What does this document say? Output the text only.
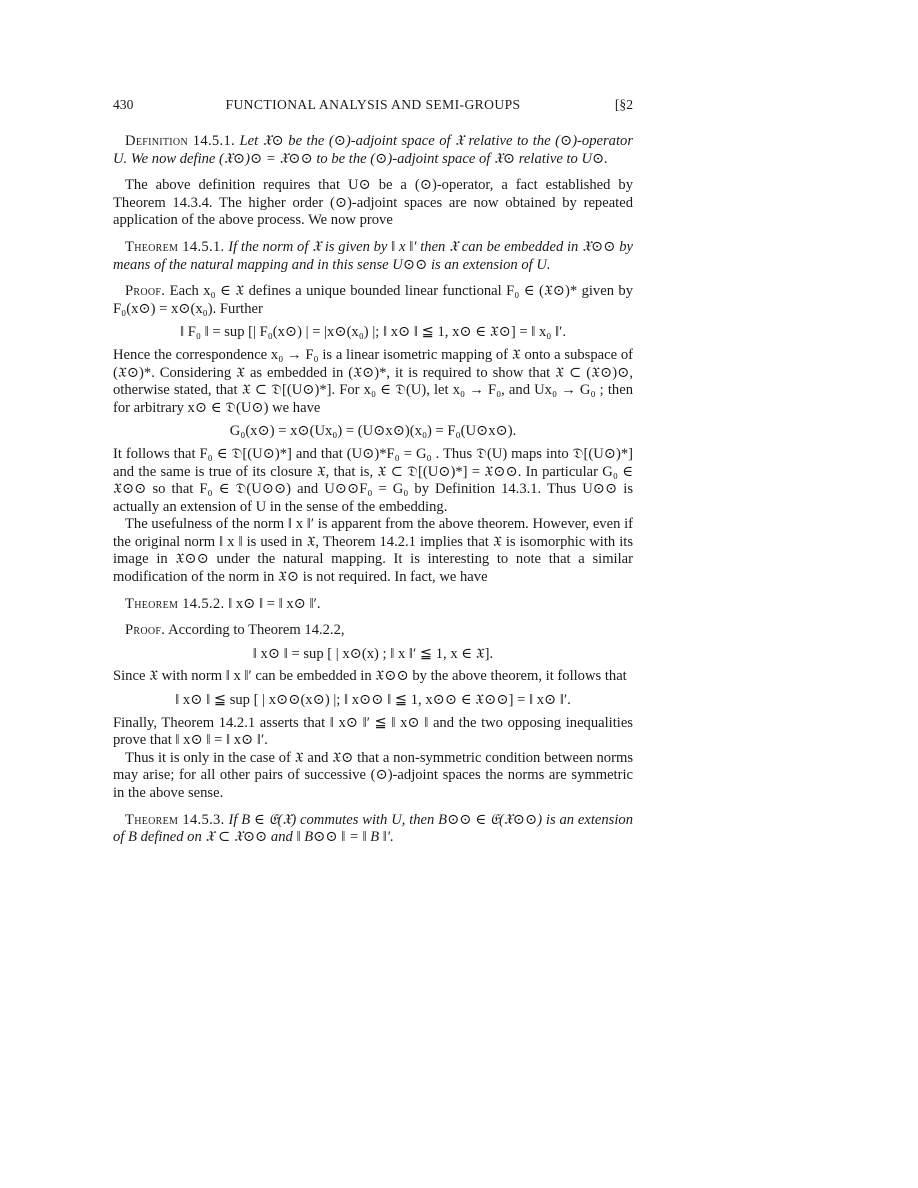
430	FUNCTIONAL ANALYSIS AND SEMI-GROUPS	[§2

Definition 14.5.1. Let 𝔛⊙ be the (⊙)-adjoint space of 𝔛 relative to the (⊙)-operator U. We now define (𝔛⊙)⊙ = 𝔛⊙⊙ to be the (⊙)-adjoint space of 𝔛⊙ relative to U⊙.

The above definition requires that U⊙ be a (⊙)-operator, a fact established by Theorem 14.3.4. The higher order (⊙)-adjoint spaces are now obtained by repeated application of the above process. We now prove

Theorem 14.5.1. If the norm of 𝔛 is given by ‖ x ‖′ then 𝔛 can be embedded in 𝔛⊙⊙ by means of the natural mapping and in this sense U⊙⊙ is an extension of U.

Proof. Each x₀ ∈ 𝔛 defines a unique bounded linear functional F₀ ∈ (𝔛⊙)* given by F₀(x⊙) = x⊙(x₀). Further

‖ F₀ ‖ = sup [| F₀(x⊙) | = |x⊙(x₀) |; ‖ x⊙ ‖ ≦ 1, x⊙ ∈ 𝔛⊙] = ‖ x₀ ‖′.

Hence the correspondence x₀ → F₀ is a linear isometric mapping of 𝔛 onto a subspace of (𝔛⊙)*. Considering 𝔛 as embedded in (𝔛⊙)*, it is required to show that 𝔛 ⊂ (𝔛⊙)⊙, otherwise stated, that 𝔛 ⊂ 𝔇[(U⊙)*]. For x₀ ∈ 𝔇(U), let x₀ → F₀, and Ux₀ → G₀ ; then for arbitrary x⊙ ∈ 𝔇(U⊙) we have

G₀(x⊙) = x⊙(Ux₀) = (U⊙x⊙)(x₀) = F₀(U⊙x⊙).

It follows that F₀ ∈ 𝔇[(U⊙)*] and that (U⊙)*F₀ = G₀ . Thus 𝔇(U) maps into 𝔇[(U⊙)*] and the same is true of its closure 𝔛, that is, 𝔛 ⊂ 𝔇[(U⊙)*] = 𝔛⊙⊙. In particular G₀ ∈ 𝔛⊙⊙ so that F₀ ∈ 𝔇(U⊙⊙) and U⊙⊙F₀ = G₀ by Definition 14.3.1. Thus U⊙⊙ is actually an extension of U in the sense of the embedding.

The usefulness of the norm ‖ x ‖′ is apparent from the above theorem. However, even if the original norm ‖ x ‖ is used in 𝔛, Theorem 14.2.1 implies that 𝔛 is isomorphic with its image in 𝔛⊙⊙ under the natural mapping. It is interesting to note that a similar modification of the norm in 𝔛⊙ is not required. In fact, we have

Theorem 14.5.2. ‖ x⊙ ‖ = ‖ x⊙ ‖′.

Proof. According to Theorem 14.2.2,

‖ x⊙ ‖ = sup [ | x⊙(x) ; ‖ x ‖′ ≦ 1, x ∈ 𝔛].

Since 𝔛 with norm ‖ x ‖′ can be embedded in 𝔛⊙⊙ by the above theorem, it follows that

‖ x⊙ ‖ ≦ sup [ | x⊙⊙(x⊙) |; ‖ x⊙⊙ ‖ ≦ 1, x⊙⊙ ∈ 𝔛⊙⊙] = ‖ x⊙ ‖′.

Finally, Theorem 14.2.1 asserts that ‖ x⊙ ‖′ ≦ ‖ x⊙ ‖ and the two opposing inequalities prove that ‖ x⊙ ‖ = ‖ x⊙ ‖′.

Thus it is only in the case of 𝔛 and 𝔛⊙ that a non-symmetric condition between norms may arise; for all other pairs of successive (⊙)-adjoint spaces the norms are symmetric in the above sense.

Theorem 14.5.3. If B ∈ 𝔈(𝔛) commutes with U, then B⊙⊙ ∈ 𝔈(𝔛⊙⊙) is an extension of B defined on 𝔛 ⊂ 𝔛⊙⊙ and ‖ B⊙⊙ ‖ = ‖ B ‖′.
